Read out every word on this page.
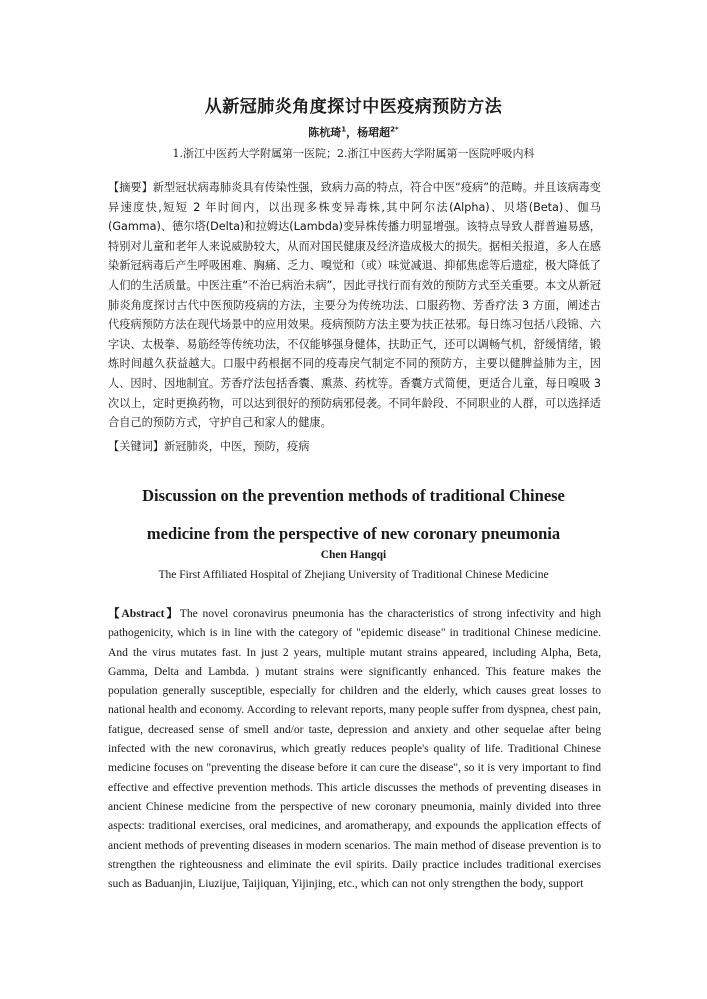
从新冠肺炎角度探讨中医疫病预防方法
陈杭琦$^1$，杨珺超$^{2*}$
1.浙江中医药大学附属第一医院；2.浙江中医药大学附属第一医院呼吸内科
【摘要】新型冠状病毒肺炎具有传染性强，致病力高的特点，符合中医“疫病”的范畴。并且该病毒变异速度快,短短 2 年时间内，以出现多株变异毒株,其中阿尔法(Alpha)、贝塔(Beta)、伽马 (Gamma)、德尔塔(Delta)和拉姆达(Lambda)变异株传播力明显增强。该特点导致人群普遍易感，特别对儿童和老年人来说威胁较大，从而对国民健康及经济造成极大的损失。据相关报道，多人在感染新冠病毒后产生呼吸困难、胸痛、乏力、嗅觉和（或）味觉减退、抑郁焦虑等后遗症，极大降低了人们的生活质量。中医注重“不治已病治未病”，因此寻找行而有效的预防方式至关重要。本文从新冠肺炎角度探讨古代中医预防疫病的方法，主要分为传统功法、口服药物、芳香疗法 3 方面，阐述古代疫病预防方法在现代场景中的应用效果。疫病预防方法主要为扶正祛邪。每日练习包括八段锦、六字诀、太极拳、易筋经等传统功法，不仅能够强身健体，扶助正气，还可以调畅气机，舒缓情绪，锻炼时间越久获益越大。口服中药根据不同的疫毒戾气制定不同的预防方，主要以健脾益肺为主，因人、因时、因地制宜。芳香疗法包括香囊、熏蒸、药枕等。香囊方式简便，更适合儿童，每日嗅吸 3 次以上，定时更换药物，可以达到很好的预防病邪侵袭。不同年龄段、不同职业的人群，可以选择适合自己的预防方式，守护自己和家人的健康。
【关键词】新冠肺炎，中医，预防，疫病
Discussion on the prevention methods of traditional Chinese
medicine from the perspective of new coronary pneumonia
Chen Hangqi
The First Affiliated Hospital of Zhejiang University of Traditional Chinese Medicine
【Abstract】The novel coronavirus pneumonia has the characteristics of strong infectivity and high pathogenicity, which is in line with the category of "epidemic disease" in traditional Chinese medicine. And the virus mutates fast. In just 2 years, multiple mutant strains appeared, including Alpha, Beta, Gamma, Delta and Lambda. ) mutant strains were significantly enhanced. This feature makes the population generally susceptible, especially for children and the elderly, which causes great losses to national health and economy. According to relevant reports, many people suffer from dyspnea, chest pain, fatigue, decreased sense of smell and/or taste, depression and anxiety and other sequelae after being infected with the new coronavirus, which greatly reduces people's quality of life. Traditional Chinese medicine focuses on "preventing the disease before it can cure the disease", so it is very important to find effective and effective prevention methods. This article discusses the methods of preventing diseases in ancient Chinese medicine from the perspective of new coronary pneumonia, mainly divided into three aspects: traditional exercises, oral medicines, and aromatherapy, and expounds the application effects of ancient methods of preventing diseases in modern scenarios. The main method of disease prevention is to strengthen the righteousness and eliminate the evil spirits. Daily practice includes traditional exercises such as Baduanjin, Liuzijue, Taijiquan, Yijinjing, etc., which can not only strengthen the body, support
